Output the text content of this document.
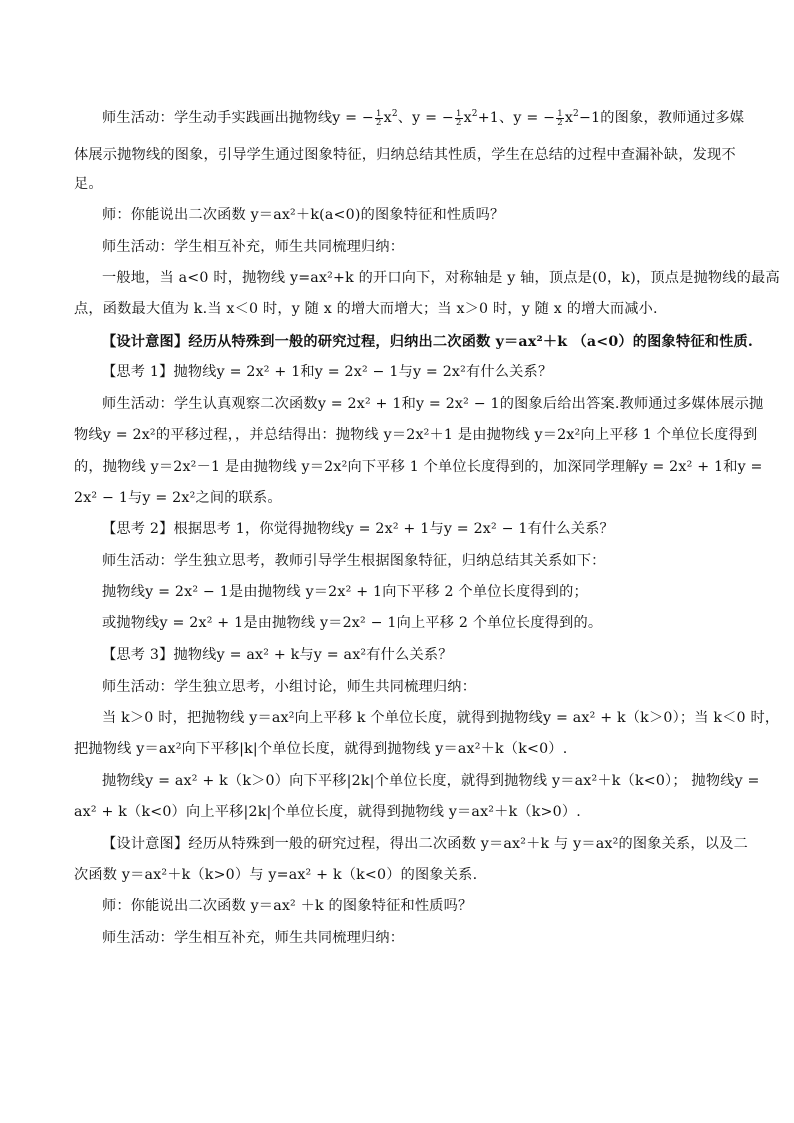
师生活动：学生动手实践画出抛物线y = − $\frac{1}{2} x^2$、y = − $\frac{1}{2} x^2+1$、y = − $\frac{1}{2} x^2-1$的图象，教师通过多媒
体展示抛物线的图象，引导学生通过图象特征，归纳总结其性质，学生在总结的过程中查漏补缺，发现不
足。
师：你能说出二次函数 y＝ax²＋k(a<0)的图象特征和性质吗？
师生活动：学生相互补充，师生共同梳理归纳：
一般地，当 a<0 时，抛物线 y=ax²+k 的开口向下，对称轴是 y 轴，顶点是(0，k)，顶点是抛物线的最高
点，函数最大值为 k.当 x＜0 时，y 随 x 的增大而增大；当 x＞0 时，y 随 x 的增大而减小.
【设计意图】经历从特殊到一般的研究过程，归纳出二次函数 y＝ax²＋k （a<0）的图象特征和性质.
【思考 1】抛物线y = 2x² + 1和y = 2x² − 1与y = 2x²有什么关系？
师生活动：学生认真观察二次函数y = 2x² + 1和y = 2x² − 1的图象后给出答案.教师通过多媒体展示抛
物线y = 2x²的平移过程，，并总结得出：抛物线 y＝2x²＋1 是由抛物线 y＝2x²向上平移 1 个单位长度得到
的，抛物线 y＝2x²－1 是由抛物线 y＝2x²向下平移 1 个单位长度得到的，加深同学理解y = 2x² + 1和y =
2x² − 1与y = 2x²之间的联系。
【思考 2】根据思考 1，你觉得抛物线y = 2x² + 1与y = 2x² − 1有什么关系？
师生活动：学生独立思考，教师引导学生根据图象特征，归纳总结其关系如下：
抛物线y = 2x² − 1是由抛物线 y＝2x² + 1向下平移 2 个单位长度得到的；
或抛物线y = 2x² + 1是由抛物线 y＝2x² − 1向上平移 2 个单位长度得到的。
【思考 3】抛物线y = ax² + k与y = ax²有什么关系？
师生活动：学生独立思考，小组讨论，师生共同梳理归纳：
当 k＞0 时，把抛物线 y＝ax²向上平移 k 个单位长度，就得到抛物线y = ax² + k（k＞0）；当 k＜0 时，
把抛物线 y＝ax²向下平移|k|个单位长度，就得到抛物线 y＝ax²＋k（k<0）.
抛物线y = ax² + k（k＞0）向下平移|2k|个单位长度，就得到抛物线 y＝ax²＋k（k<0）； 抛物线y =
ax² + k（k<0）向上平移|2k|个单位长度，就得到抛物线 y＝ax²＋k（k>0）.
【设计意图】经历从特殊到一般的研究过程，得出二次函数 y＝ax²＋k 与 y＝ax²的图象关系，以及二
次函数 y＝ax²＋k（k>0）与 y=ax² + k（k<0）的图象关系.
师：你能说出二次函数 y＝ax² ＋k 的图象特征和性质吗？
师生活动：学生相互补充，师生共同梳理归纳：
